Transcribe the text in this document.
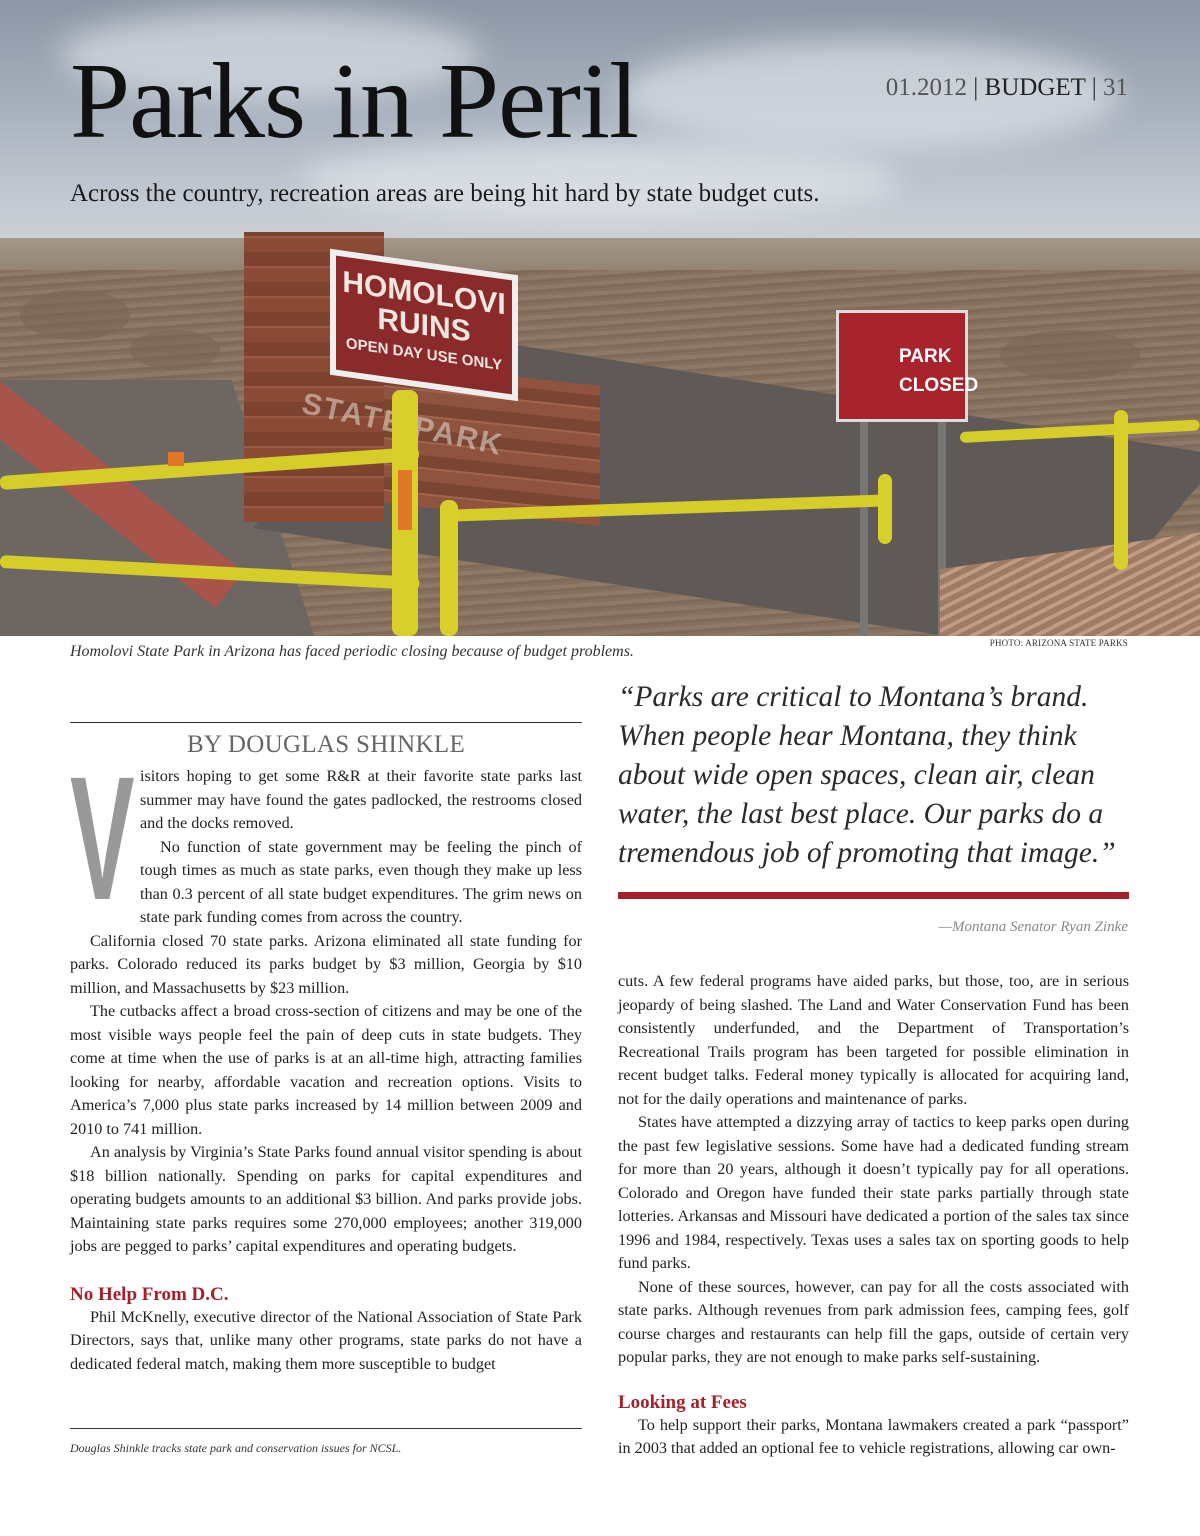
STATE PARK
HOMOLOVI RUINS
OPEN DAY USE ONLY	PARK CLOSED
Parks in Peril	01.2012 | BUDGET | 31
Across the country, recreation areas are being hit hard by state budget cuts.
Homolovi State Park in Arizona has faced periodic closing because of budget problems.	PHOTO: ARIZONA STATE PARKS
BY DOUGLAS SHINKLE
V isitors hoping to get some R&R at their favorite state parks last summer may have found the gates padlocked, the restrooms closed and the docks removed.

No function of state government may be feeling the pinch of tough times as much as state parks, even though they make up less than 0.3 percent of all state budget expenditures. The grim news on state park funding comes from across the country.

California closed 70 state parks. Arizona eliminated all state funding for parks. Colorado reduced its parks budget by $3 million, Georgia by $10 million, and Massachusetts by $23 million.

The cutbacks affect a broad cross-section of citizens and may be one of the most visible ways people feel the pain of deep cuts in state budgets. They come at time when the use of parks is at an all-time high, attracting families looking for nearby, affordable vacation and recreation options. Visits to America’s 7,000 plus state parks increased by 14 million between 2009 and 2010 to 741 million.

An analysis by Virginia’s State Parks found annual visitor spending is about $18 billion nationally. Spending on parks for capital expenditures and operating budgets amounts to an additional $3 billion. And parks provide jobs. Maintaining state parks requires some 270,000 employees; another 319,000 jobs are pegged to parks’ capital expenditures and operating budgets.

No Help From D.C.

Phil McKnelly, executive director of the National Association of State Park Directors, says that, unlike many other programs, state parks do not have a dedicated federal match, making them more susceptible to budget

Douglas Shinkle tracks state park and conservation issues for NCSL.

“Parks are critical to Montana’s brand. When people hear Montana, they think about wide open spaces, clean air, clean water, the last best place. Our parks do a tremendous job of promoting that image.”

—Montana Senator Ryan Zinke

cuts. A few federal programs have aided parks, but those, too, are in serious jeopardy of being slashed. The Land and Water Conservation Fund has been consistently underfunded, and the Department of Transportation’s Recreational Trails program has been targeted for possible elimination in recent budget talks. Federal money typically is allocated for acquiring land, not for the daily operations and maintenance of parks.

States have attempted a dizzying array of tactics to keep parks open during the past few legislative sessions. Some have had a dedicated funding stream for more than 20 years, although it doesn’t typically pay for all operations. Colorado and Oregon have funded their state parks partially through state lotteries. Arkansas and Missouri have dedicated a portion of the sales tax since 1996 and 1984, respectively. Texas uses a sales tax on sporting goods to help fund parks.

None of these sources, however, can pay for all the costs associated with state parks. Although revenues from park admission fees, camping fees, golf course charges and restaurants can help fill the gaps, outside of certain very popular parks, they are not enough to make parks self-sustaining.

Looking at Fees

To help support their parks, Montana lawmakers created a park “passport” in 2003 that added an optional fee to vehicle registrations, allowing car own-
